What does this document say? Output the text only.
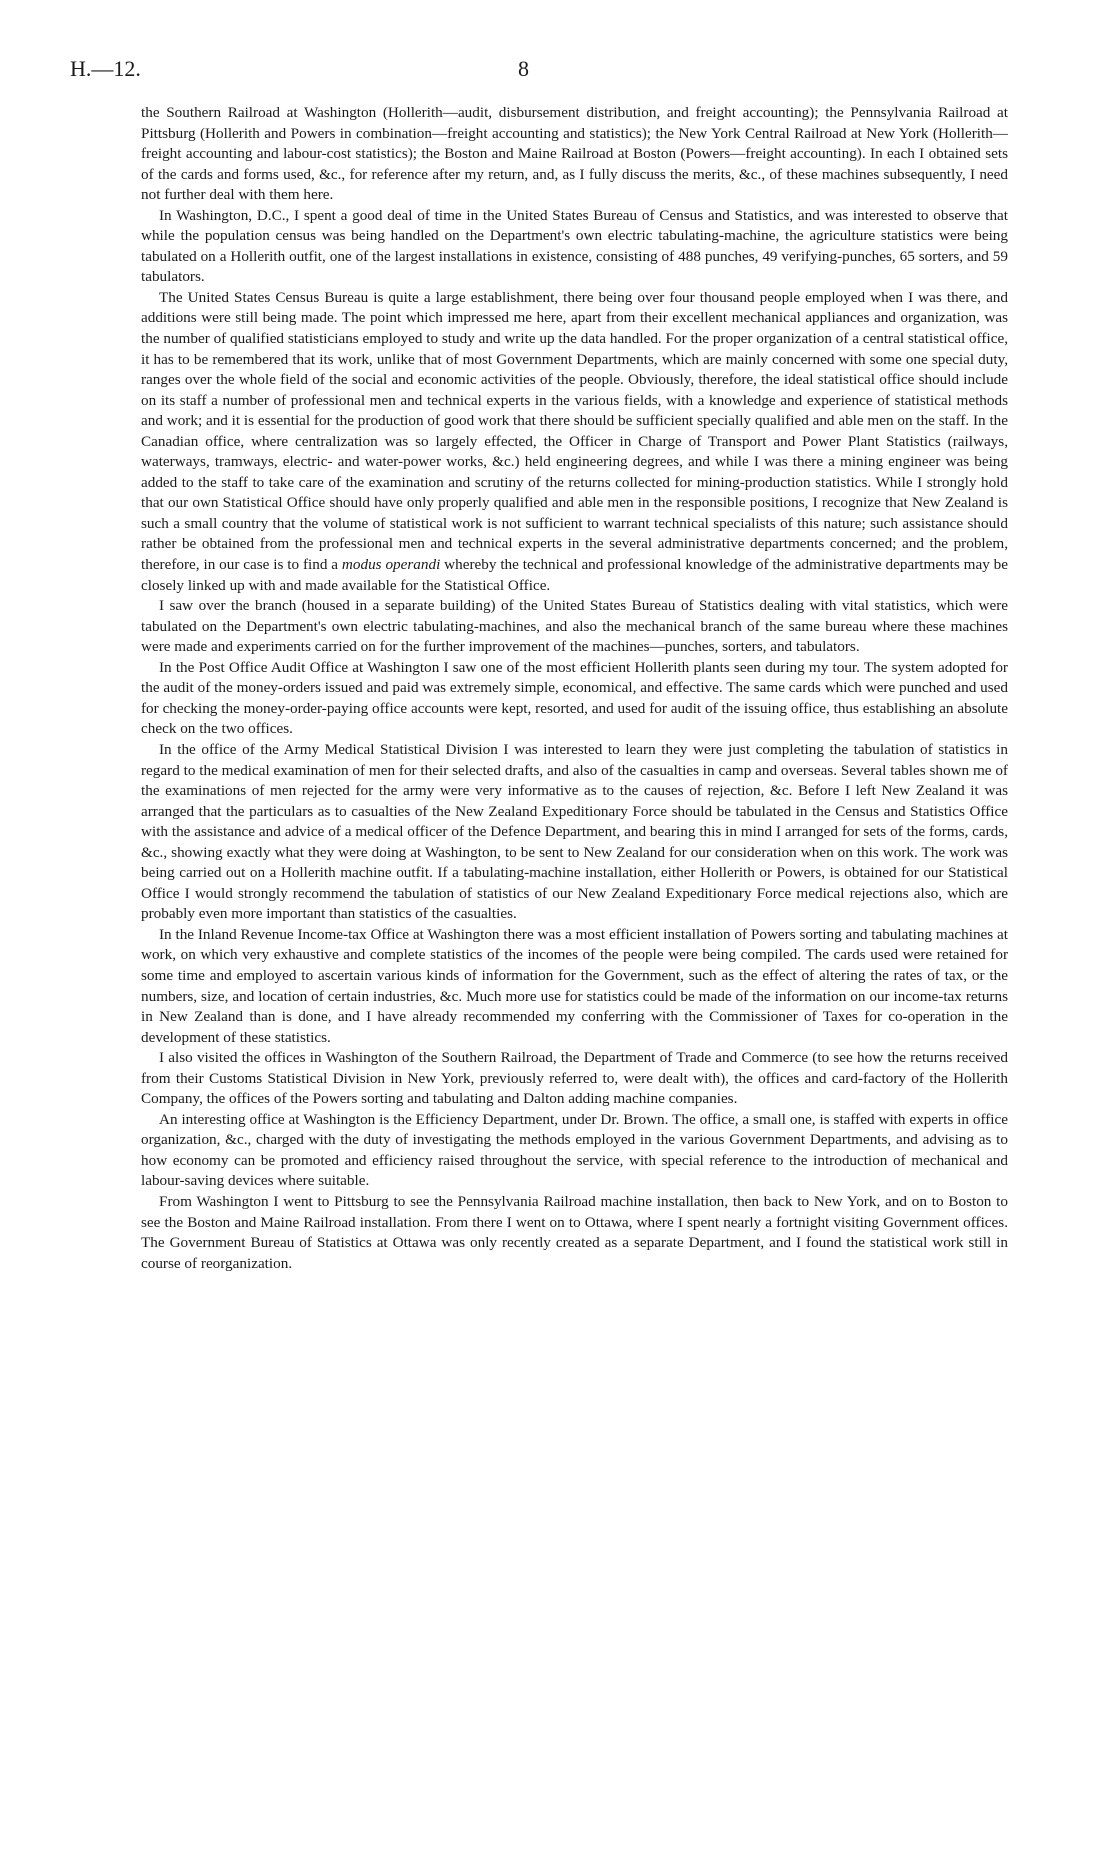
H.—12.	8

the Southern Railroad at Washington (Hollerith—audit, disbursement distribution, and freight accounting); the Pennsylvania Railroad at Pittsburg (Hollerith and Powers in combination—freight accounting and statistics); the New York Central Railroad at New York (Hollerith—freight accounting and labour-cost statistics); the Boston and Maine Railroad at Boston (Powers—freight accounting). In each I obtained sets of the cards and forms used, &c., for reference after my return, and, as I fully discuss the merits, &c., of these machines subsequently, I need not further deal with them here.

In Washington, D.C., I spent a good deal of time in the United States Bureau of Census and Statistics, and was interested to observe that while the population census was being handled on the Department's own electric tabulating-machine, the agriculture statistics were being tabulated on a Hollerith outfit, one of the largest installations in existence, consisting of 488 punches, 49 verifying-punches, 65 sorters, and 59 tabulators.

The United States Census Bureau is quite a large establishment, there being over four thousand people employed when I was there, and additions were still being made. The point which impressed me here, apart from their excellent mechanical appliances and organization, was the number of qualified statisticians employed to study and write up the data handled. For the proper organization of a central statistical office, it has to be remembered that its work, unlike that of most Government Departments, which are mainly concerned with some one special duty, ranges over the whole field of the social and economic activities of the people. Obviously, therefore, the ideal statistical office should include on its staff a number of professional men and technical experts in the various fields, with a knowledge and experience of statistical methods and work; and it is essential for the production of good work that there should be sufficient specially qualified and able men on the staff. In the Canadian office, where centralization was so largely effected, the Officer in Charge of Transport and Power Plant Statistics (railways, waterways, tramways, electric- and water-power works, &c.) held engineering degrees, and while I was there a mining engineer was being added to the staff to take care of the examination and scrutiny of the returns collected for mining-production statistics. While I strongly hold that our own Statistical Office should have only properly qualified and able men in the responsible positions, I recognize that New Zealand is such a small country that the volume of statistical work is not sufficient to warrant technical specialists of this nature; such assistance should rather be obtained from the professional men and technical experts in the several administrative departments concerned; and the problem, therefore, in our case is to find a modus operandi whereby the technical and professional knowledge of the administrative departments may be closely linked up with and made available for the Statistical Office.

I saw over the branch (housed in a separate building) of the United States Bureau of Statistics dealing with vital statistics, which were tabulated on the Department's own electric tabulating-machines, and also the mechanical branch of the same bureau where these machines were made and experiments carried on for the further improvement of the machines—punches, sorters, and tabulators.

In the Post Office Audit Office at Washington I saw one of the most efficient Hollerith plants seen during my tour. The system adopted for the audit of the money-orders issued and paid was extremely simple, economical, and effective. The same cards which were punched and used for checking the money-order-paying office accounts were kept, resorted, and used for audit of the issuing office, thus establishing an absolute check on the two offices.

In the office of the Army Medical Statistical Division I was interested to learn they were just completing the tabulation of statistics in regard to the medical examination of men for their selected drafts, and also of the casualties in camp and overseas. Several tables shown me of the examinations of men rejected for the army were very informative as to the causes of rejection, &c. Before I left New Zealand it was arranged that the particulars as to casualties of the New Zealand Expeditionary Force should be tabulated in the Census and Statistics Office with the assistance and advice of a medical officer of the Defence Department, and bearing this in mind I arranged for sets of the forms, cards, &c., showing exactly what they were doing at Washington, to be sent to New Zealand for our consideration when on this work. The work was being carried out on a Hollerith machine outfit. If a tabulating-machine installation, either Hollerith or Powers, is obtained for our Statistical Office I would strongly recommend the tabulation of statistics of our New Zealand Expeditionary Force medical rejections also, which are probably even more important than statistics of the casualties.

In the Inland Revenue Income-tax Office at Washington there was a most efficient installation of Powers sorting and tabulating machines at work, on which very exhaustive and complete statistics of the incomes of the people were being compiled. The cards used were retained for some time and employed to ascertain various kinds of information for the Government, such as the effect of altering the rates of tax, or the numbers, size, and location of certain industries, &c. Much more use for statistics could be made of the information on our income-tax returns in New Zealand than is done, and I have already recommended my conferring with the Commissioner of Taxes for co-operation in the development of these statistics.

I also visited the offices in Washington of the Southern Railroad, the Department of Trade and Commerce (to see how the returns received from their Customs Statistical Division in New York, previously referred to, were dealt with), the offices and card-factory of the Hollerith Company, the offices of the Powers sorting and tabulating and Dalton adding machine companies.

An interesting office at Washington is the Efficiency Department, under Dr. Brown. The office, a small one, is staffed with experts in office organization, &c., charged with the duty of investigating the methods employed in the various Government Departments, and advising as to how economy can be promoted and efficiency raised throughout the service, with special reference to the introduction of mechanical and labour-saving devices where suitable.

From Washington I went to Pittsburg to see the Pennsylvania Railroad machine installation, then back to New York, and on to Boston to see the Boston and Maine Railroad installation. From there I went on to Ottawa, where I spent nearly a fortnight visiting Government offices. The Government Bureau of Statistics at Ottawa was only recently created as a separate Department, and I found the statistical work still in course of reorganization.
